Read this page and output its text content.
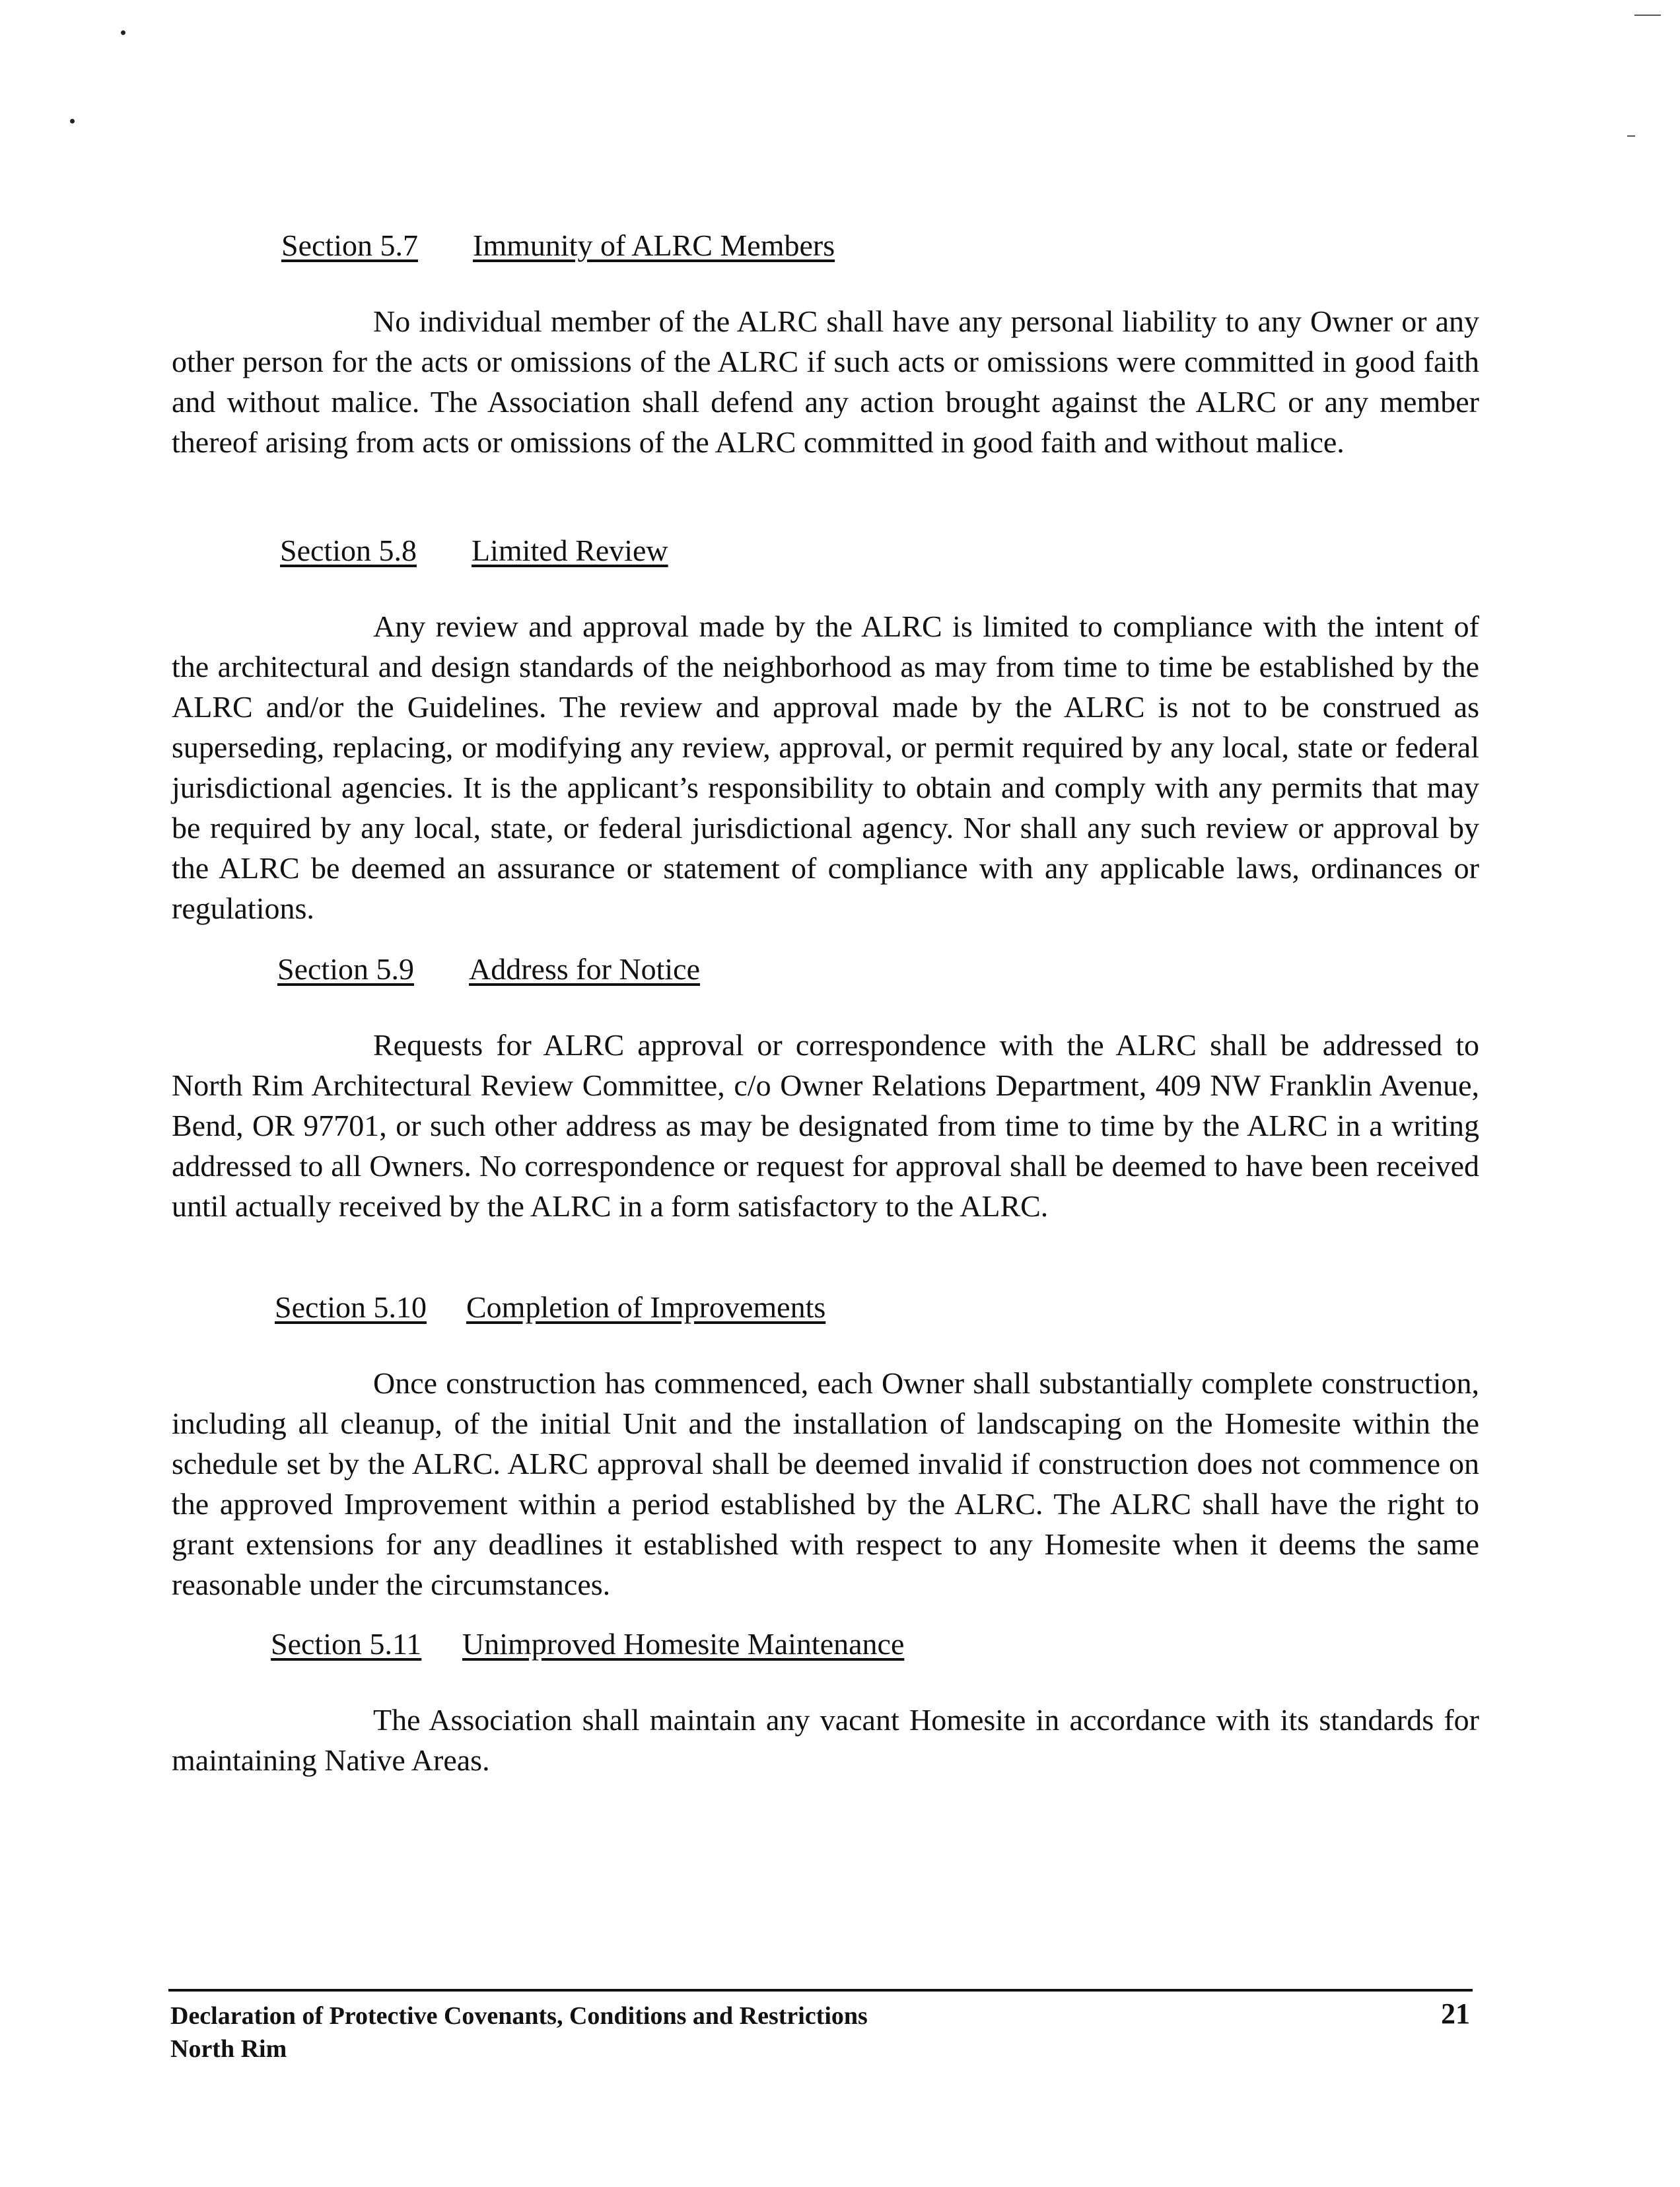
Section 5.7	Immunity of ALRC Members

No individual member of the ALRC shall have any personal liability to any Owner or any other person for the acts or omissions of the ALRC if such acts or omissions were committed in good faith and without malice. The Association shall defend any action brought against the ALRC or any member thereof arising from acts or omissions of the ALRC committed in good faith and without malice.

Section 5.8	Limited Review

Any review and approval made by the ALRC is limited to compliance with the intent of the architectural and design standards of the neighborhood as may from time to time be established by the ALRC and/or the Guidelines. The review and approval made by the ALRC is not to be construed as superseding, replacing, or modifying any review, approval, or permit required by any local, state or federal jurisdictional agencies. It is the applicant’s responsibility to obtain and comply with any permits that may be required by any local, state, or federal jurisdictional agency. Nor shall any such review or approval by the ALRC be deemed an assurance or statement of compliance with any applicable laws, ordinances or regulations.

Section 5.9	Address for Notice

Requests for ALRC approval or correspondence with the ALRC shall be addressed to North Rim Architectural Review Committee, c/o Owner Relations Department, 409 NW Franklin Avenue, Bend, OR 97701, or such other address as may be designated from time to time by the ALRC in a writing addressed to all Owners. No correspondence or request for approval shall be deemed to have been received until actually received by the ALRC in a form satisfactory to the ALRC.

Section 5.10	Completion of Improvements

Once construction has commenced, each Owner shall substantially complete construction, including all cleanup, of the initial Unit and the installation of landscaping on the Homesite within the schedule set by the ALRC. ALRC approval shall be deemed invalid if construction does not commence on the approved Improvement within a period established by the ALRC. The ALRC shall have the right to grant extensions for any deadlines it established with respect to any Homesite when it deems the same reasonable under the circumstances.

Section 5.11	Unimproved Homesite Maintenance

The Association shall maintain any vacant Homesite in accordance with its standards for maintaining Native Areas.

Declaration of Protective Covenants, Conditions and Restrictions
North Rim
21
